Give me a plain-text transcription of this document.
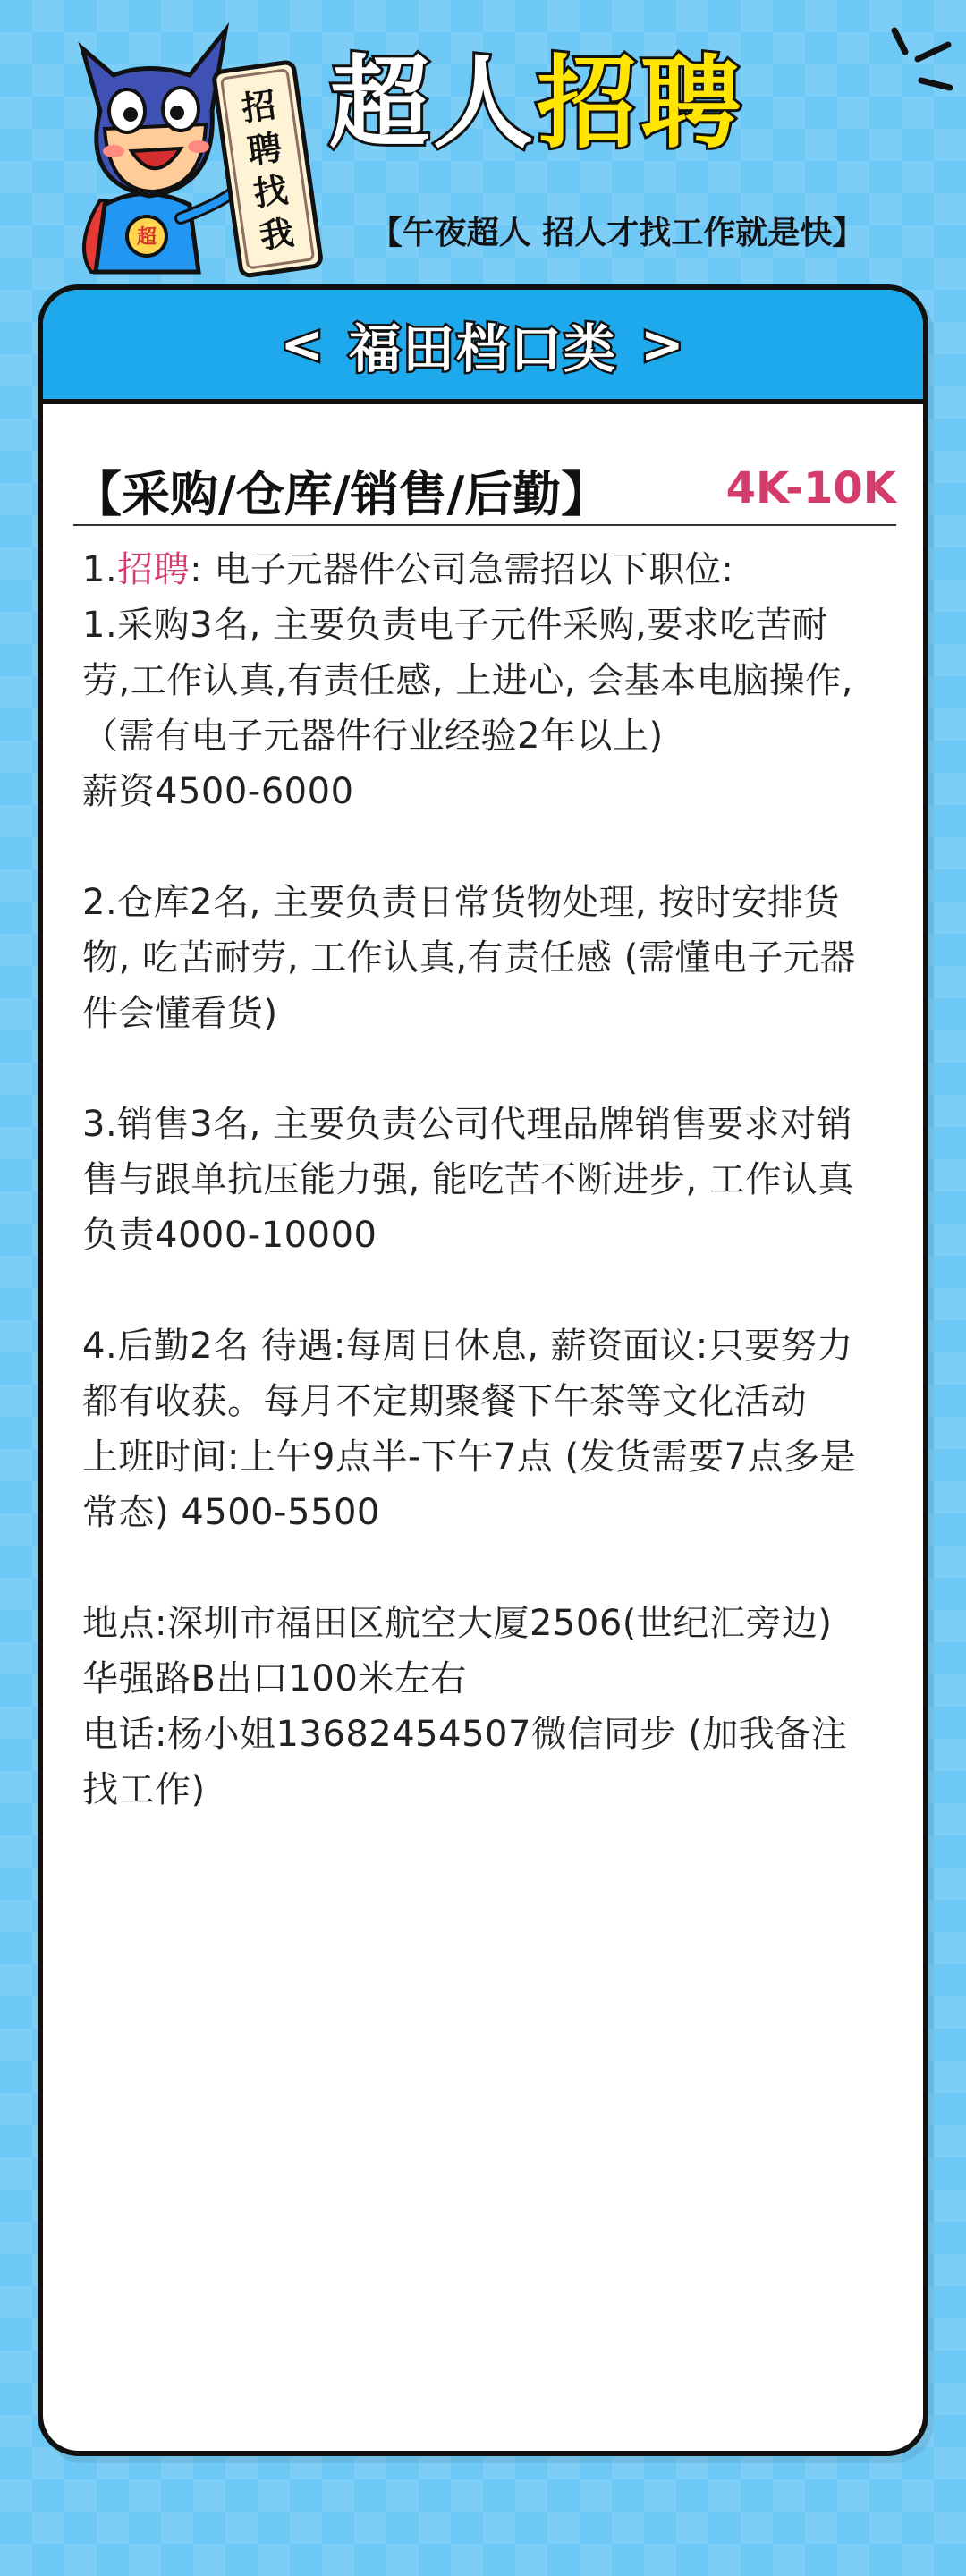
超
招
聘
找
我
超人招聘
【午夜超人 招人才找工作就是快】
< 福田档口类 >
【采购/仓库/销售/后勤】	4K-10K

1.招聘: 电子元器件公司急需招以下职位:

1.采购3名, 主要负责电子元件采购,要求吃苦耐

劳,工作认真,有责任感, 上进心, 会基本电脑操作,

（需有电子元器件行业经验2年以上)

薪资4500-6000

2.仓库2名, 主要负责日常货物处理, 按时安排货

物, 吃苦耐劳, 工作认真,有责任感 (需懂电子元器

件会懂看货)

3.销售3名, 主要负责公司代理品牌销售要求对销

售与跟单抗压能力强, 能吃苦不断进步, 工作认真

负责4000-10000

4.后勤2名 待遇:每周日休息, 薪资面议:只要努力

都有收获。每月不定期聚餐下午茶等文化活动

上班时间:上午9点半-下午7点 (发货需要7点多是

常态) 4500-5500

地点:深圳市福田区航空大厦2506(世纪汇旁边)

华强路B出口100米左右

电话:杨小姐13682454507微信同步 (加我备注

找工作)
